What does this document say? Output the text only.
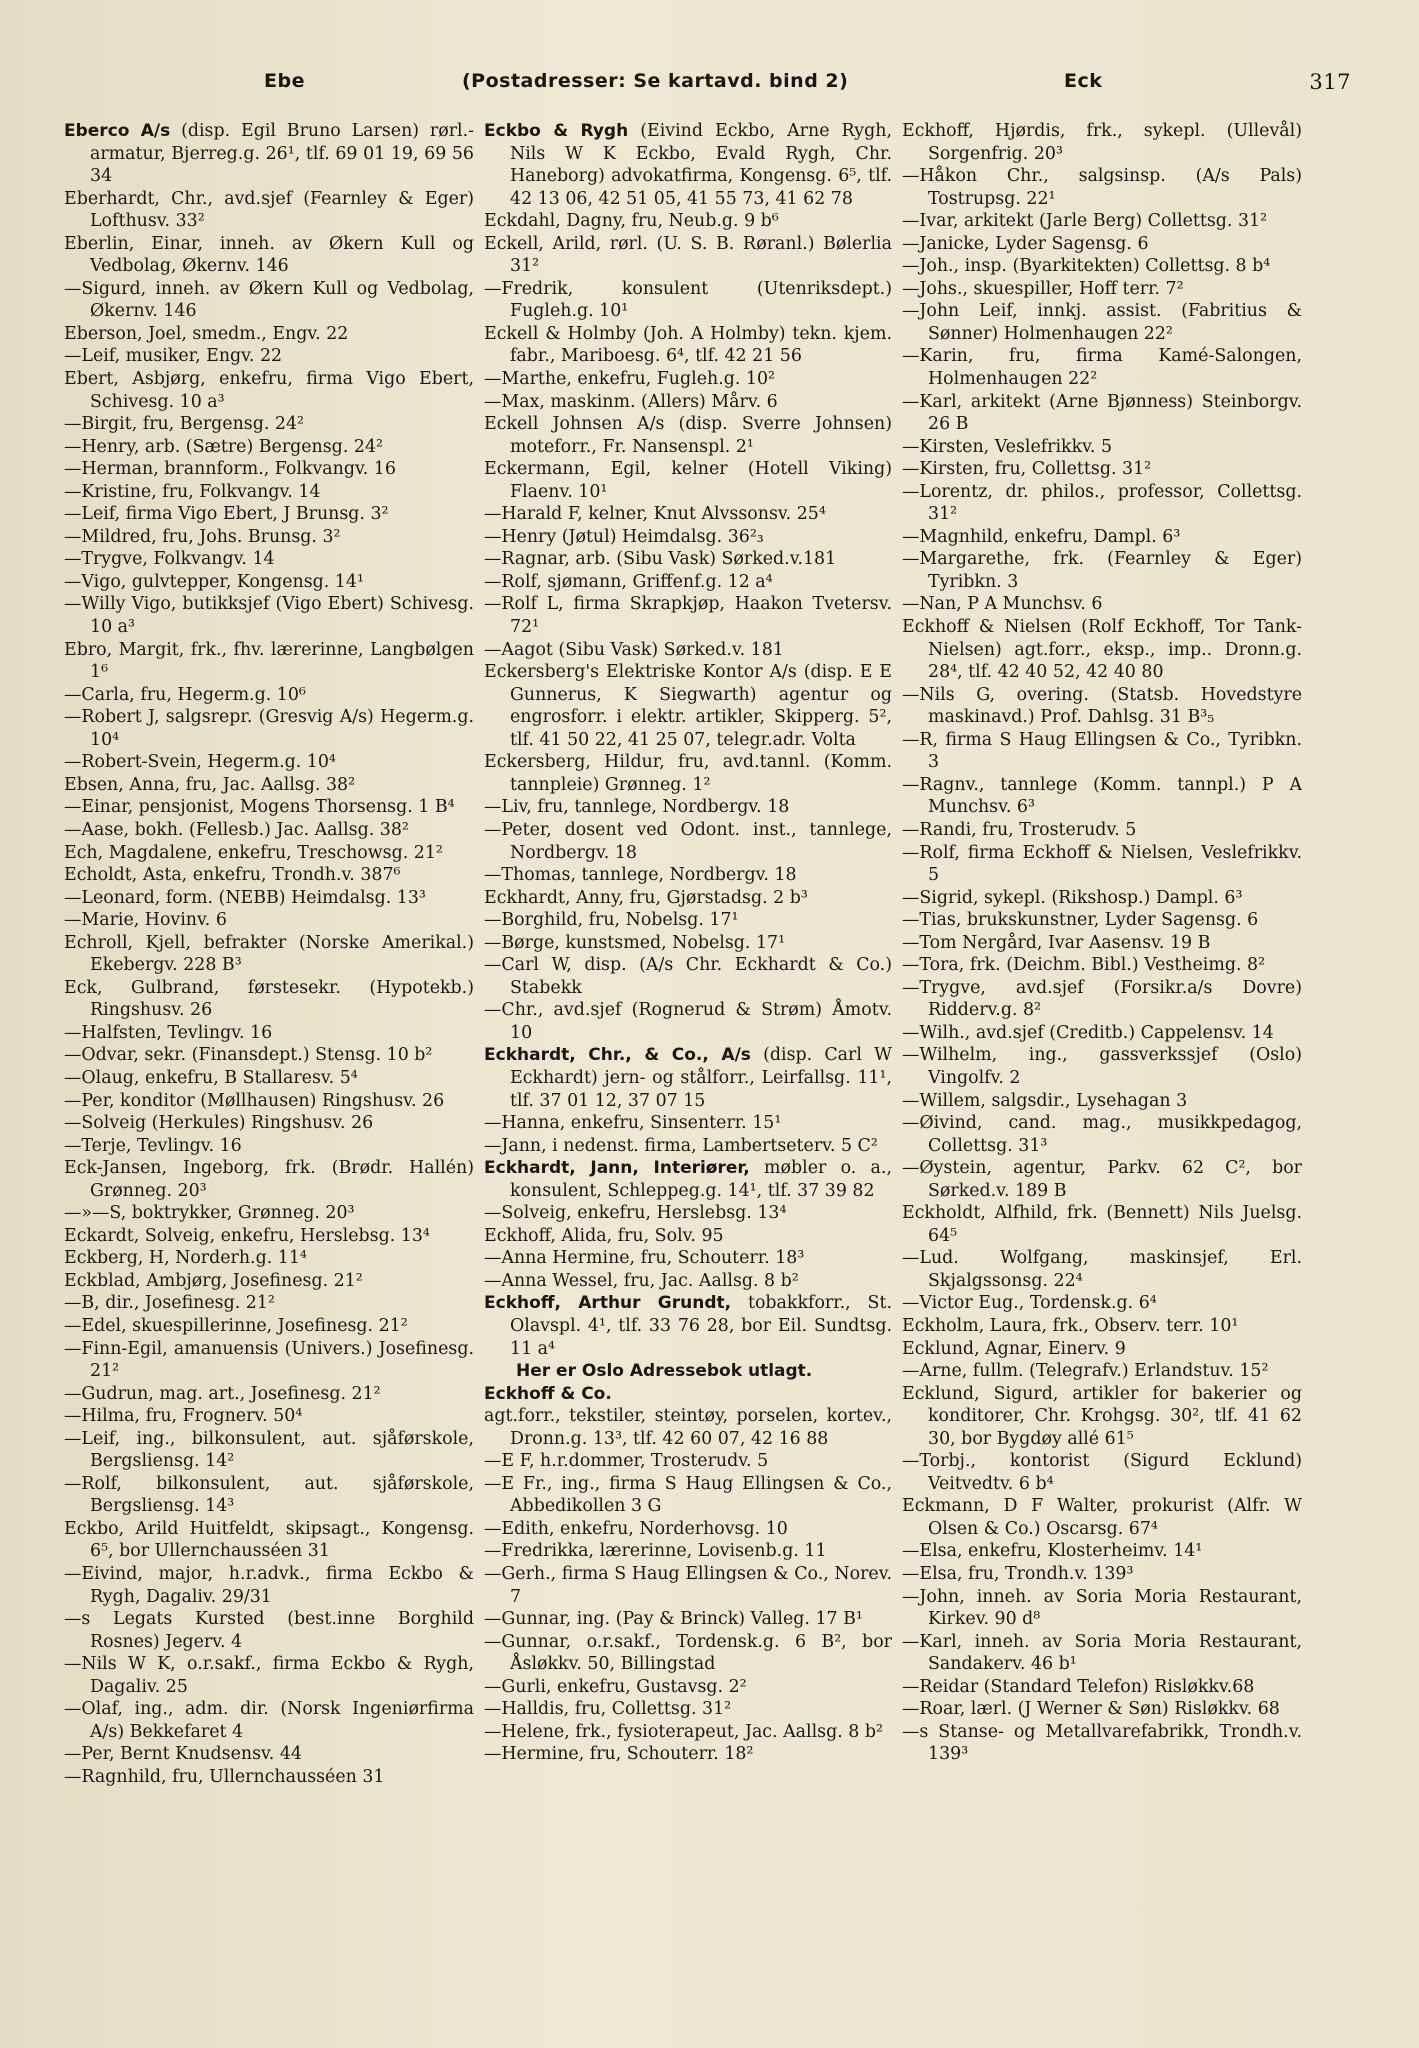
Ebe	(Postadresser: Se kartavd. bind 2)	Eck	317
Eberco A/s (disp. Egil Bruno Larsen) rørl.-armatur, Bjerreg.g. 26¹, tlf. 69 01 19, 69 56 34
Eberhardt, Chr., avd.sjef (Fearnley & Eger) Lofthusv. 33²
Eberlin, Einar, inneh. av Økern Kull og Vedbolag, Økernv. 146
—Sigurd, inneh. av Økern Kull og Vedbolag, Økernv. 146
Eberson, Joel, smedm., Engv. 22
—Leif, musiker, Engv. 22
Ebert, Asbjørg, enkefru, firma Vigo Ebert, Schivesg. 10 a³
—Birgit, fru, Bergensg. 24²
—Henry, arb. (Sætre) Bergensg. 24²
—Herman, brannform., Folkvangv. 16
—Kristine, fru, Folkvangv. 14
—Leif, firma Vigo Ebert, J Brunsg. 3²
—Mildred, fru, Johs. Brunsg. 3²
—Trygve, Folkvangv. 14
—Vigo, gulvtepper, Kongensg. 14¹
—Willy Vigo, butikksjef (Vigo Ebert) Schivesg. 10 a³
Ebro, Margit, frk., fhv. lærerinne, Langbølgen 1⁶
—Carla, fru, Hegerm.g. 10⁶
—Robert J, salgsrepr. (Gresvig A/s) Hegerm.g. 10⁴
—Robert-Svein, Hegerm.g. 10⁴
Ebsen, Anna, fru, Jac. Aallsg. 38²
—Einar, pensjonist, Mogens Thorsensg. 1 B⁴
—Aase, bokh. (Fellesb.) Jac. Aallsg. 38²
Ech, Magdalene, enkefru, Treschowsg. 21²
Echoldt, Asta, enkefru, Trondh.v. 387⁶
—Leonard, form. (NEBB) Heimdalsg. 13³
—Marie, Hovinv. 6
Echroll, Kjell, befrakter (Norske Amerikal.) Ekebergv. 228 B³
Eck, Gulbrand, førstesekr. (Hypotekb.) Ringshusv. 26
—Halfsten, Tevlingv. 16
—Odvar, sekr. (Finansdept.) Stensg. 10 b²
—Olaug, enkefru, B Stallaresv. 5⁴
—Per, konditor (Møllhausen) Ringshusv. 26
—Solveig (Herkules) Ringshusv. 26
—Terje, Tevlingv. 16
Eck-Jansen, Ingeborg, frk. (Brødr. Hallén) Grønneg. 20³
—»—S, boktrykker, Grønneg. 20³
Eckardt, Solveig, enkefru, Herslebsg. 13⁴
Eckberg, H, Norderh.g. 11⁴
Eckblad, Ambjørg, Josefinesg. 21²
—B, dir., Josefinesg. 21²
—Edel, skuespillerinne, Josefinesg. 21²
—Finn-Egil, amanuensis (Univers.) Josefinesg. 21²
—Gudrun, mag. art., Josefinesg. 21²
—Hilma, fru, Frognerv. 50⁴
—Leif, ing., bilkonsulent, aut. sjåførskole, Bergsliensg. 14²
—Rolf, bilkonsulent, aut. sjåførskole, Bergsliensg. 14³
Eckbo, Arild Huitfeldt, skipsagt., Kongensg. 6⁵, bor Ullernchausséen 31
—Eivind, major, h.r.advk., firma Eckbo & Rygh, Dagaliv. 29/31
—s Legats Kursted (best.inne Borghild Rosnes) Jegerv. 4
—Nils W K, o.r.sakf., firma Eckbo & Rygh, Dagaliv. 25
—Olaf, ing., adm. dir. (Norsk Ingeniørfirma A/s) Bekkefaret 4
—Per, Bernt Knudsensv. 44
—Ragnhild, fru, Ullernchausséen 31
Eckbo & Rygh (Eivind Eckbo, Arne Rygh, Nils W K Eckbo, Evald Rygh, Chr. Haneborg) advokatfirma, Kongensg. 6⁵, tlf. 42 13 06, 42 51 05, 41 55 73, 41 62 78
Eckdahl, Dagny, fru, Neub.g. 9 b⁶
Eckell, Arild, rørl. (U. S. B. Røranl.) Bølerlia 31²
—Fredrik, konsulent (Utenriksdept.) Fugleh.g. 10¹
Eckell & Holmby (Joh. A Holmby) tekn. kjem. fabr., Mariboesg. 6⁴, tlf. 42 21 56
—Marthe, enkefru, Fugleh.g. 10²
—Max, maskinm. (Allers) Mårv. 6
Eckell Johnsen A/s (disp. Sverre Johnsen) moteforr., Fr. Nansenspl. 2¹
Eckermann, Egil, kelner (Hotell Viking) Flaenv. 10¹
—Harald F, kelner, Knut Alvssonsv. 25⁴
—Henry (Jøtul) Heimdalsg. 36²₃
—Ragnar, arb. (Sibu Vask) Sørked.v.181
—Rolf, sjømann, Griffenf.g. 12 a⁴
—Rolf L, firma Skrapkjøp, Haakon Tvetersv. 72¹
—Aagot (Sibu Vask) Sørked.v. 181
Eckersberg's Elektriske Kontor A/s (disp. E E Gunnerus, K Siegwarth) agentur og engrosforr. i elektr. artikler, Skipperg. 5², tlf. 41 50 22, 41 25 07, telegr.adr. Volta
Eckersberg, Hildur, fru, avd.tannl. (Komm. tannpleie) Grønneg. 1²
—Liv, fru, tannlege, Nordbergv. 18
—Peter, dosent ved Odont. inst., tannlege, Nordbergv. 18
—Thomas, tannlege, Nordbergv. 18
Eckhardt, Anny, fru, Gjørstadsg. 2 b³
—Borghild, fru, Nobelsg. 17¹
—Børge, kunstsmed, Nobelsg. 17¹
—Carl W, disp. (A/s Chr. Eckhardt & Co.) Stabekk
—Chr., avd.sjef (Rognerud & Strøm) Åmotv. 10
Eckhardt, Chr., & Co., A/s (disp. Carl W Eckhardt) jern- og stålforr., Leirfallsg. 11¹, tlf. 37 01 12, 37 07 15
—Hanna, enkefru, Sinsenterr. 15¹
—Jann, i nedenst. firma, Lambertseterv. 5 C²
Eckhardt, Jann, Interiører, møbler o. a., konsulent, Schleppeg.g. 14¹, tlf. 37 39 82
—Solveig, enkefru, Herslebsg. 13⁴
Eckhoff, Alida, fru, Solv. 95
—Anna Hermine, fru, Schouterr. 18³
—Anna Wessel, fru, Jac. Aallsg. 8 b²
Eckhoff, Arthur Grundt, tobakkforr., St. Olavspl. 4¹, tlf. 33 76 28, bor Eil. Sundtsg. 11 a⁴
Her er Oslo Adressebok utlagt.
Eckhoff & Co.
agt.forr., tekstiler, steintøy, porselen, kortev., Dronn.g. 13³, tlf. 42 60 07, 42 16 88
—E F, h.r.dommer, Trosterudv. 5
—E Fr., ing., firma S Haug Ellingsen & Co., Abbedikollen 3 G
—Edith, enkefru, Norderhovsg. 10
—Fredrikka, lærerinne, Lovisenb.g. 11
—Gerh., firma S Haug Ellingsen & Co., Norev. 7
—Gunnar, ing. (Pay & Brinck) Valleg. 17 B¹
—Gunnar, o.r.sakf., Tordensk.g. 6 B², bor Åsløkkv. 50, Billingstad
—Gurli, enkefru, Gustavsg. 2²
—Halldis, fru, Collettsg. 31²
—Helene, frk., fysioterapeut, Jac. Aallsg. 8 b²
—Hermine, fru, Schouterr. 18²
Eckhoff, Hjørdis, frk., sykepl. (Ullevål) Sorgenfrig. 20³
—Håkon Chr., salgsinsp. (A/s Pals) Tostrupsg. 22¹
—Ivar, arkitekt (Jarle Berg) Collettsg. 31²
—Janicke, Lyder Sagensg. 6
—Joh., insp. (Byarkitekten) Collettsg. 8 b⁴
—Johs., skuespiller, Hoff terr. 7²
—John Leif, innkj. assist. (Fabritius & Sønner) Holmenhaugen 22²
—Karin, fru, firma Kamé-Salongen, Holmenhaugen 22²
—Karl, arkitekt (Arne Bjønness) Steinborgv. 26 B
—Kirsten, Veslefrikkv. 5
—Kirsten, fru, Collettsg. 31²
—Lorentz, dr. philos., professor, Collettsg. 31²
—Magnhild, enkefru, Dampl. 6³
—Margarethe, frk. (Fearnley & Eger) Tyribkn. 3
—Nan, P A Munchsv. 6
Eckhoff & Nielsen (Rolf Eckhoff, Tor Tank-Nielsen) agt.forr., eksp., imp.. Dronn.g. 28⁴, tlf. 42 40 52, 42 40 80
—Nils G, overing. (Statsb. Hovedstyre maskinavd.) Prof. Dahlsg. 31 B³₅
—R, firma S Haug Ellingsen & Co., Tyribkn. 3
—Ragnv., tannlege (Komm. tannpl.) P A Munchsv. 6³
—Randi, fru, Trosterudv. 5
—Rolf, firma Eckhoff & Nielsen, Veslefrikkv. 5
—Sigrid, sykepl. (Rikshosp.) Dampl. 6³
—Tias, brukskunstner, Lyder Sagensg. 6
—Tom Nergård, Ivar Aasensv. 19 B
—Tora, frk. (Deichm. Bibl.) Vestheimg. 8²
—Trygve, avd.sjef (Forsikr.a/s Dovre) Ridderv.g. 8²
—Wilh., avd.sjef (Creditb.) Cappelensv. 14
—Wilhelm, ing., gassverkssjef (Oslo) Vingolfv. 2
—Willem, salgsdir., Lysehagan 3
—Øivind, cand. mag., musikkpedagog, Collettsg. 31³
—Øystein, agentur, Parkv. 62 C², bor Sørked.v. 189 B
Eckholdt, Alfhild, frk. (Bennett) Nils Juelsg. 64⁵
—Lud. Wolfgang, maskinsjef, Erl. Skjalgssonsg. 22⁴
—Victor Eug., Tordensk.g. 6⁴
Eckholm, Laura, frk., Observ. terr. 10¹
Ecklund, Agnar, Einerv. 9
—Arne, fullm. (Telegrafv.) Erlandstuv. 15²
Ecklund, Sigurd, artikler for bakerier og konditorer, Chr. Krohgsg. 30², tlf. 41 62 30, bor Bygdøy allé 61⁵
—Torbj., kontorist (Sigurd Ecklund) Veitvedtv. 6 b⁴
Eckmann, D F Walter, prokurist (Alfr. W Olsen & Co.) Oscarsg. 67⁴
—Elsa, enkefru, Klosterheimv. 14¹
—Elsa, fru, Trondh.v. 139³
—John, inneh. av Soria Moria Restaurant, Kirkev. 90 d⁸
—Karl, inneh. av Soria Moria Restaurant, Sandakerv. 46 b¹
—Reidar (Standard Telefon) Risløkkv.68
—Roar, lærl. (J Werner & Søn) Risløkkv. 68
—s Stanse- og Metallvarefabrikk, Trondh.v. 139³
